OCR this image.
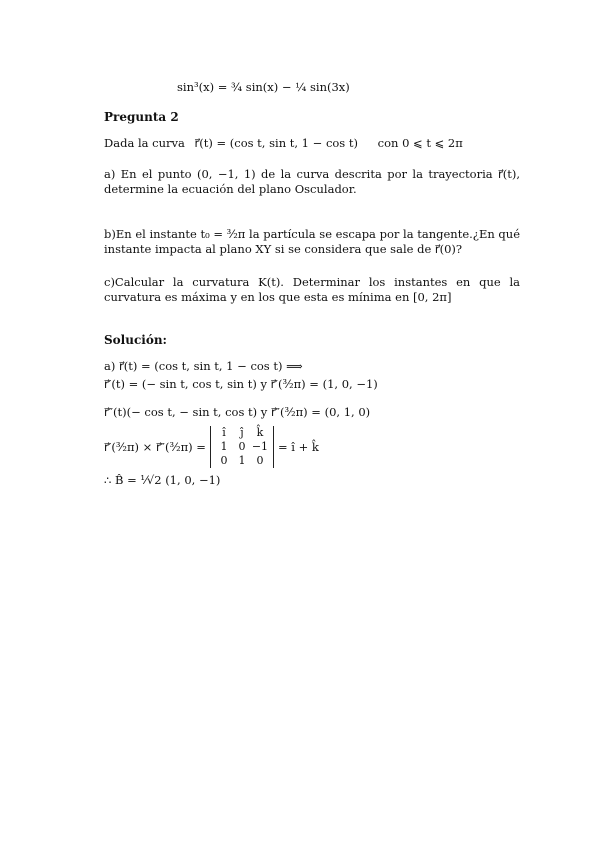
sin³(x) = ¾ sin(x) − ¼ sin(3x)
Pregunta 2
Dada la curva r⃗(t) = (cos t, sin t, 1 − cos t) con 0 ⩽ t ⩽ 2π
a) En el punto (0, −1, 1) de la curva descrita por la trayectoria r⃗(t), determine la ecuación del plano Osculador.
b)En el instante t₀ = ³⁄₂π la partícula se escapa por la tangente.¿En qué instante impacta al plano XY si se considera que sale de r⃗(0)?
c)Calcular la curvatura K(t). Determinar los instantes en que la curvatura es máxima y en los que esta es mínima en [0, 2π]
Solución:
a) r⃗(t) = (cos t, sin t, 1 − cos t) ⟹
r⃗′(t) = (− sin t, cos t, sin t) y r⃗′(³⁄₂π) = (1, 0, −1)
r⃗″(t)(− cos t, − sin t, cos t) y r⃗″(³⁄₂π) = (0, 1, 0)
r⃗′(³⁄₂π) × r⃗″(³⁄₂π) =
î	ĵ	k̂
1	0 −1
0	1	0
= î + k̂
∴ B̂ = ¹⁄√2 (1, 0, −1)
